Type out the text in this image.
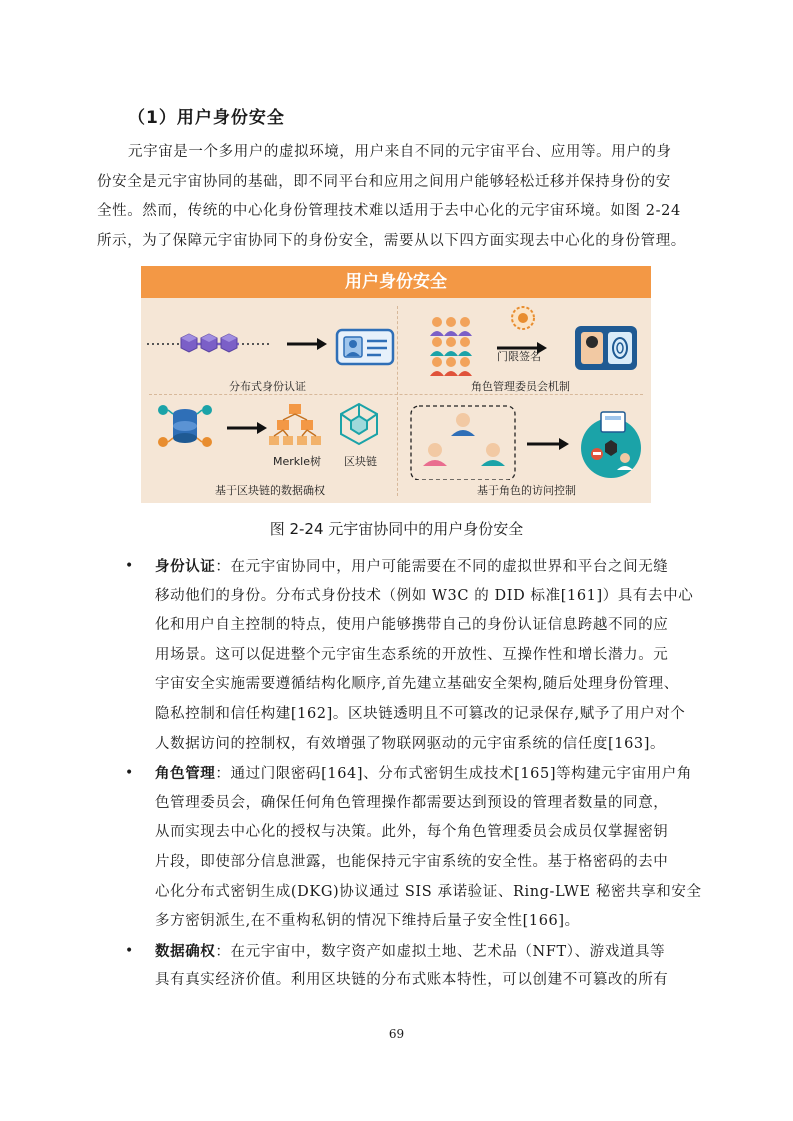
（1）用户身份安全
元宇宙是一个多用户的虚拟环境，用户来自不同的元宇宙平台、应用等。用户的身
份安全是元宇宙协同的基础，即不同平台和应用之间用户能够轻松迁移并保持身份的安
全性。然而，传统的中心化身份管理技术难以适用于去中心化的元宇宙环境。如图 2-24
所示，为了保障元宇宙协同下的身份安全，需要从以下四方面实现去中心化的身份管理。
用户身份安全
分布式身份认证
门限签名
角色管理委员会机制
Merkle树 区块链
基于区块链的数据确权	基于角色的访问控制
图 2-24 元宇宙协同中的用户身份安全
• 身份认证：在元宇宙协同中，用户可能需要在不同的虚拟世界和平台之间无缝
移动他们的身份。分布式身份技术（例如 W3C 的 DID 标准[161]）具有去中心
化和用户自主控制的特点，使用户能够携带自己的身份认证信息跨越不同的应
用场景。这可以促进整个元宇宙生态系统的开放性、互操作性和增长潜力。元
宇宙安全实施需要遵循结构化顺序,首先建立基础安全架构,随后处理身份管理、
隐私控制和信任构建[162]。区块链透明且不可篡改的记录保存,赋予了用户对个
人数据访问的控制权，有效增强了物联网驱动的元宇宙系统的信任度[163]。
• 角色管理：通过门限密码[164]、分布式密钥生成技术[165]等构建元宇宙用户角
色管理委员会，确保任何角色管理操作都需要达到预设的管理者数量的同意，
从而实现去中心化的授权与决策。此外，每个角色管理委员会成员仅掌握密钥
片段，即使部分信息泄露，也能保持元宇宙系统的安全性。基于格密码的去中
心化分布式密钥生成(DKG)协议通过 SIS 承诺验证、Ring-LWE 秘密共享和安全
多方密钥派生,在不重构私钥的情况下维持后量子安全性[166]。
• 数据确权：在元宇宙中，数字资产如虚拟土地、艺术品（NFT）、游戏道具等
具有真实经济价值。利用区块链的分布式账本特性，可以创建不可篡改的所有
69
